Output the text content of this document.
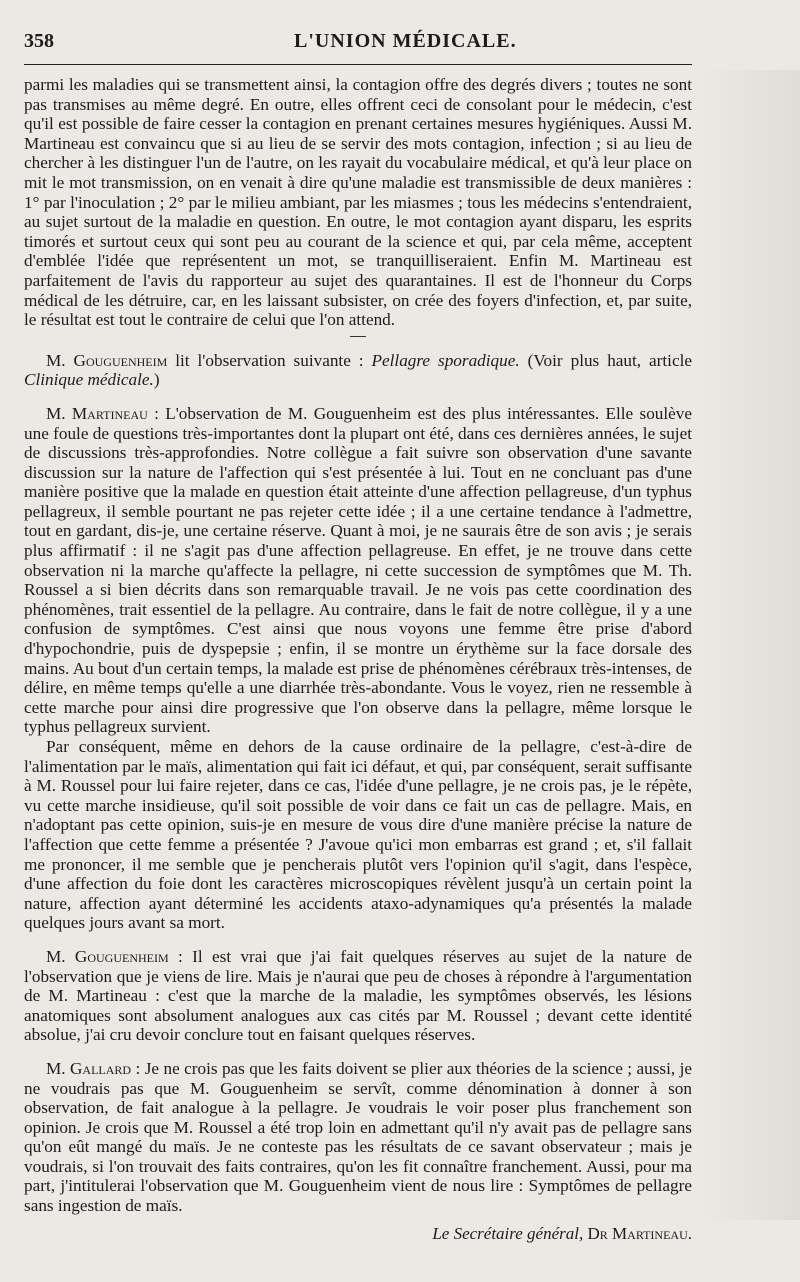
358	L'UNION MÉDICALE.

parmi les maladies qui se transmettent ainsi, la contagion offre des degrés divers ; toutes ne sont pas transmises au même degré. En outre, elles offrent ceci de consolant pour le médecin, c'est qu'il est possible de faire cesser la contagion en prenant certaines mesures hygiéniques. Aussi M. Martineau est convaincu que si au lieu de se servir des mots contagion, infection ; si au lieu de chercher à les distinguer l'un de l'autre, on les rayait du vocabulaire médical, et qu'à leur place on mit le mot transmission, on en venait à dire qu'une maladie est transmissible de deux manières : 1° par l'inoculation ; 2° par le milieu ambiant, par les miasmes ; tous les médecins s'entendraient, au sujet surtout de la maladie en question. En outre, le mot contagion ayant disparu, les esprits timorés et surtout ceux qui sont peu au courant de la science et qui, par cela même, acceptent d'emblée l'idée que représentent un mot, se tranquilliseraient. Enfin M. Martineau est parfaitement de l'avis du rapporteur au sujet des quarantaines. Il est de l'honneur du Corps médical de les détruire, car, en les laissant subsister, on crée des foyers d'infection, et, par suite, le résultat est tout le contraire de celui que l'on attend.

M. Gouguenheim lit l'observation suivante : Pellagre sporadique. (Voir plus haut, article Clinique médicale.)

M. Martineau : L'observation de M. Gouguenheim est des plus intéressantes. Elle soulève une foule de questions très-importantes dont la plupart ont été, dans ces dernières années, le sujet de discussions très-approfondies. Notre collègue a fait suivre son observation d'une savante discussion sur la nature de l'affection qui s'est présentée à lui. Tout en ne concluant pas d'une manière positive que la malade en question était atteinte d'une affection pellagreuse, d'un typhus pellagreux, il semble pourtant ne pas rejeter cette idée ; il a une certaine tendance à l'admettre, tout en gardant, dis-je, une certaine réserve. Quant à moi, je ne saurais être de son avis ; je serais plus affirmatif : il ne s'agit pas d'une affection pellagreuse. En effet, je ne trouve dans cette observation ni la marche qu'affecte la pellagre, ni cette succession de symptômes que M. Th. Roussel a si bien décrits dans son remarquable travail. Je ne vois pas cette coordination des phénomènes, trait essentiel de la pellagre. Au contraire, dans le fait de notre collègue, il y a une confusion de symptômes. C'est ainsi que nous voyons une femme être prise d'abord d'hypochondrie, puis de dyspepsie ; enfin, il se montre un érythème sur la face dorsale des mains. Au bout d'un certain temps, la malade est prise de phénomènes cérébraux très-intenses, de délire, en même temps qu'elle a une diarrhée très-abondante. Vous le voyez, rien ne ressemble à cette marche pour ainsi dire progressive que l'on observe dans la pellagre, même lorsque le typhus pellagreux survient.

Par conséquent, même en dehors de la cause ordinaire de la pellagre, c'est-à-dire de l'alimentation par le maïs, alimentation qui fait ici défaut, et qui, par conséquent, serait suffisante à M. Roussel pour lui faire rejeter, dans ce cas, l'idée d'une pellagre, je ne crois pas, je le répète, vu cette marche insidieuse, qu'il soit possible de voir dans ce fait un cas de pellagre. Mais, en n'adoptant pas cette opinion, suis-je en mesure de vous dire d'une manière précise la nature de l'affection que cette femme a présentée ? J'avoue qu'ici mon embarras est grand ; et, s'il fallait me prononcer, il me semble que je pencherais plutôt vers l'opinion qu'il s'agit, dans l'espèce, d'une affection du foie dont les caractères microscopiques révèlent jusqu'à un certain point la nature, affection ayant déterminé les accidents ataxo-adynamiques qu'a présentés la malade quelques jours avant sa mort.

M. Gouguenheim : Il est vrai que j'ai fait quelques réserves au sujet de la nature de l'observation que je viens de lire. Mais je n'aurai que peu de choses à répondre à l'argumentation de M. Martineau : c'est que la marche de la maladie, les symptômes observés, les lésions anatomiques sont absolument analogues aux cas cités par M. Roussel ; devant cette identité absolue, j'ai cru devoir conclure tout en faisant quelques réserves.

M. Gallard : Je ne crois pas que les faits doivent se plier aux théories de la science ; aussi, je ne voudrais pas que M. Gouguenheim se servît, comme dénomination à donner à son observation, de fait analogue à la pellagre. Je voudrais le voir poser plus franchement son opinion. Je crois que M. Roussel a été trop loin en admettant qu'il n'y avait pas de pellagre sans qu'on eût mangé du maïs. Je ne conteste pas les résultats de ce savant observateur ; mais je voudrais, si l'on trouvait des faits contraires, qu'on les fit connaître franchement. Aussi, pour ma part, j'intitulerai l'observation que M. Gouguenheim vient de nous lire : Symptômes de pellagre sans ingestion de maïs.

Le Secrétaire général, Dr Martineau.
